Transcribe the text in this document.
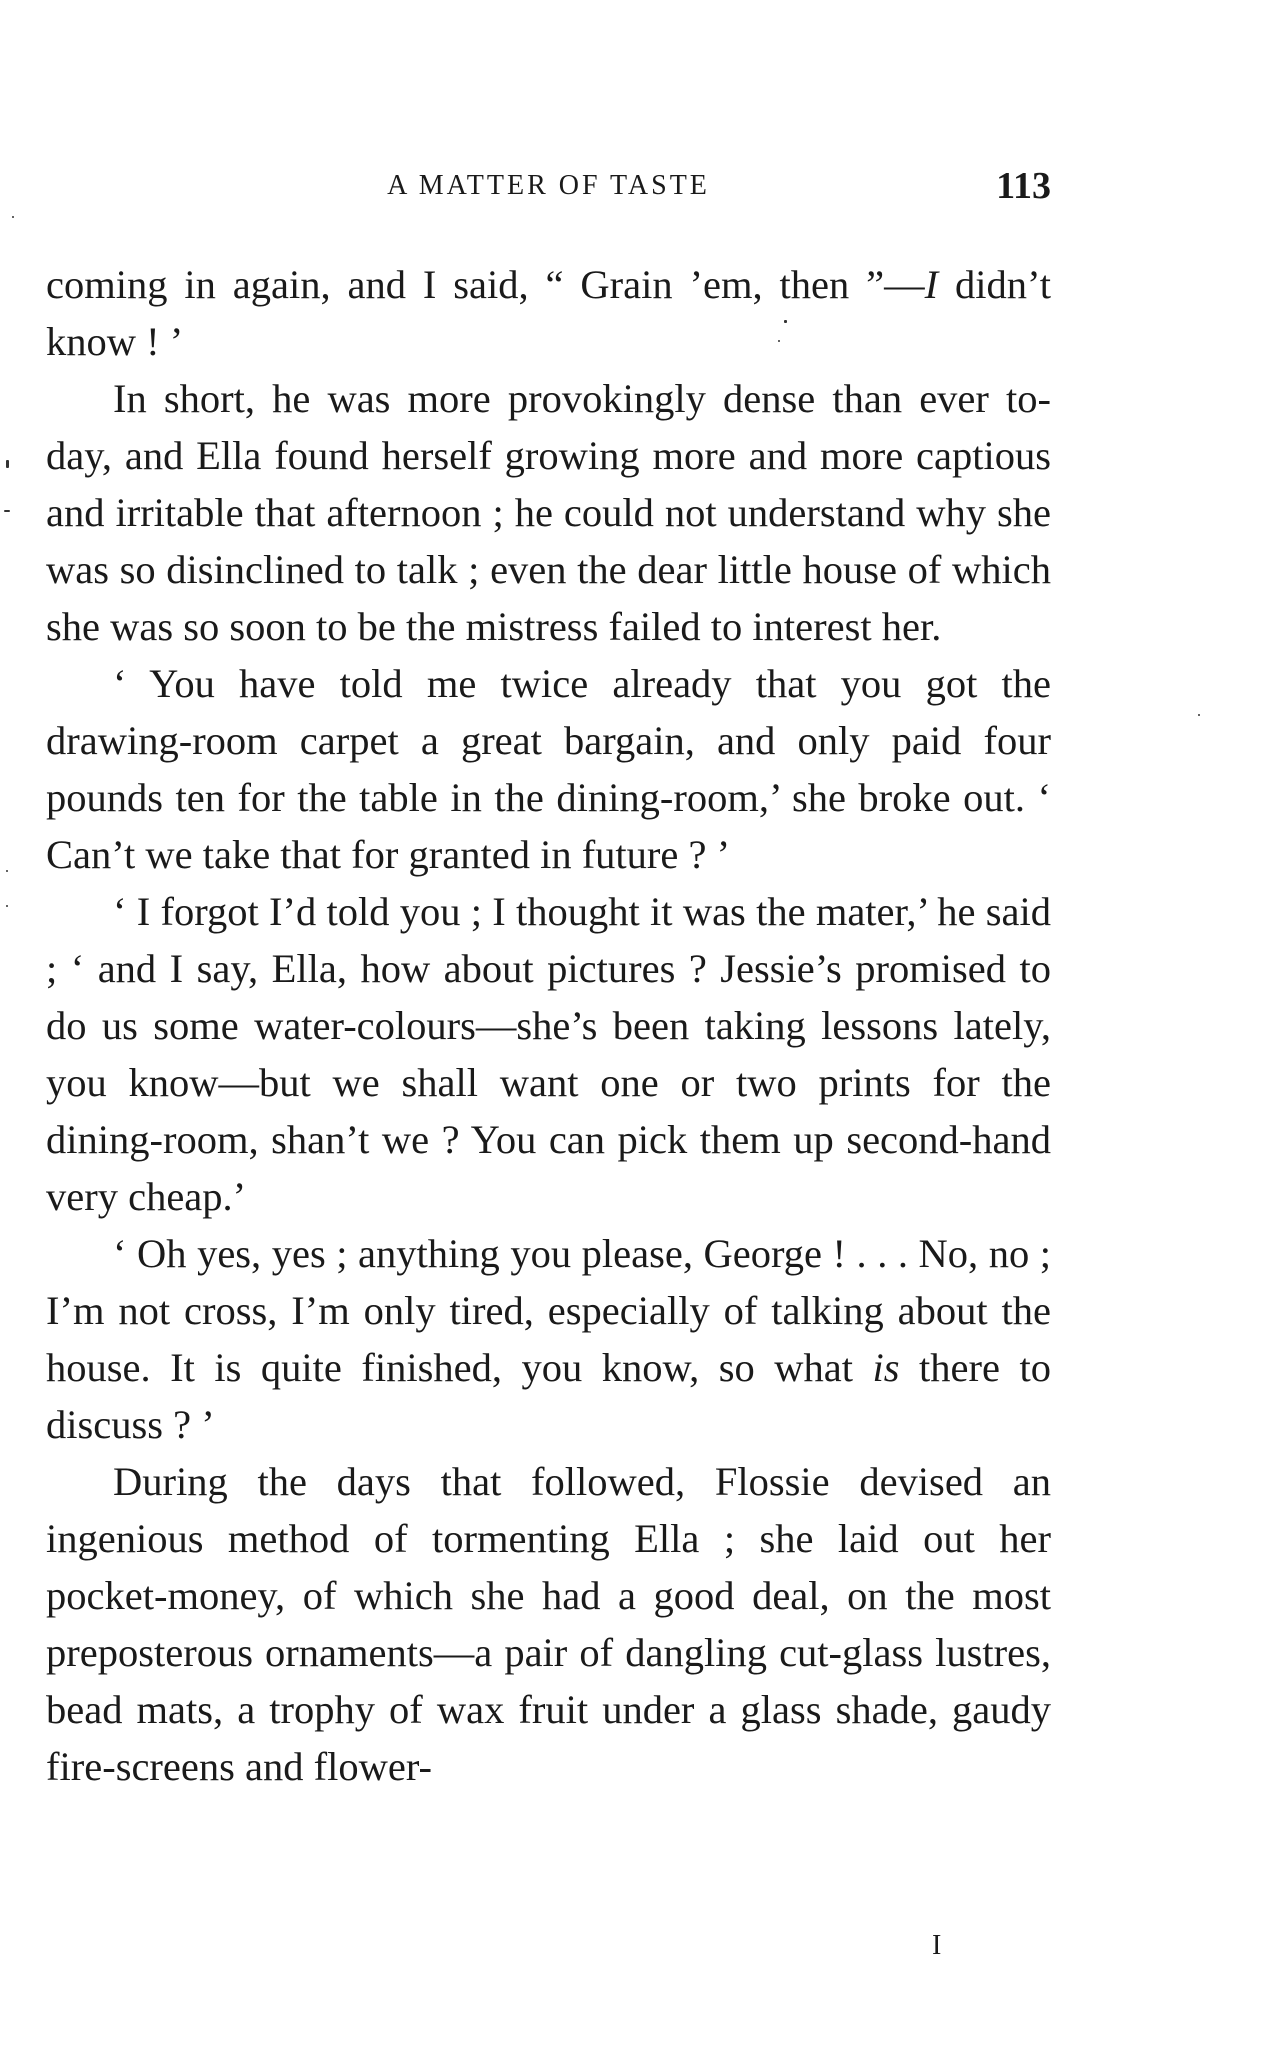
A MATTER OF TASTE	113

coming in again, and I said, “ Grain ’em, then ”—I didn’t know ! ’

In short, he was more provokingly dense than ever to-day, and Ella found herself growing more and more captious and irritable that afternoon ; he could not understand why she was so disinclined to talk ; even the dear little house of which she was so soon to be the mistress failed to interest her.

‘ You have told me twice already that you got the drawing-room carpet a great bargain, and only paid four pounds ten for the table in the dining-room,’ she broke out. ‘ Can’t we take that for granted in future ? ’

‘ I forgot I’d told you ; I thought it was the mater,’ he said ; ‘ and I say, Ella, how about pictures ? Jessie’s promised to do us some water-colours—she’s been taking lessons lately, you know—but we shall want one or two prints for the dining-room, shan’t we ? You can pick them up second-hand very cheap.’

‘ Oh yes, yes ; anything you please, George ! . . . No, no ; I’m not cross, I’m only tired, especially of talking about the house. It is quite finished, you know, so what is there to discuss ? ’

During the days that followed, Flossie devised an ingenious method of tormenting Ella ; she laid out her pocket-money, of which she had a good deal, on the most preposterous ornaments—a pair of dangling cut-glass lustres, bead mats, a trophy of wax fruit under a glass shade, gaudy fire-screens and flower-

I
